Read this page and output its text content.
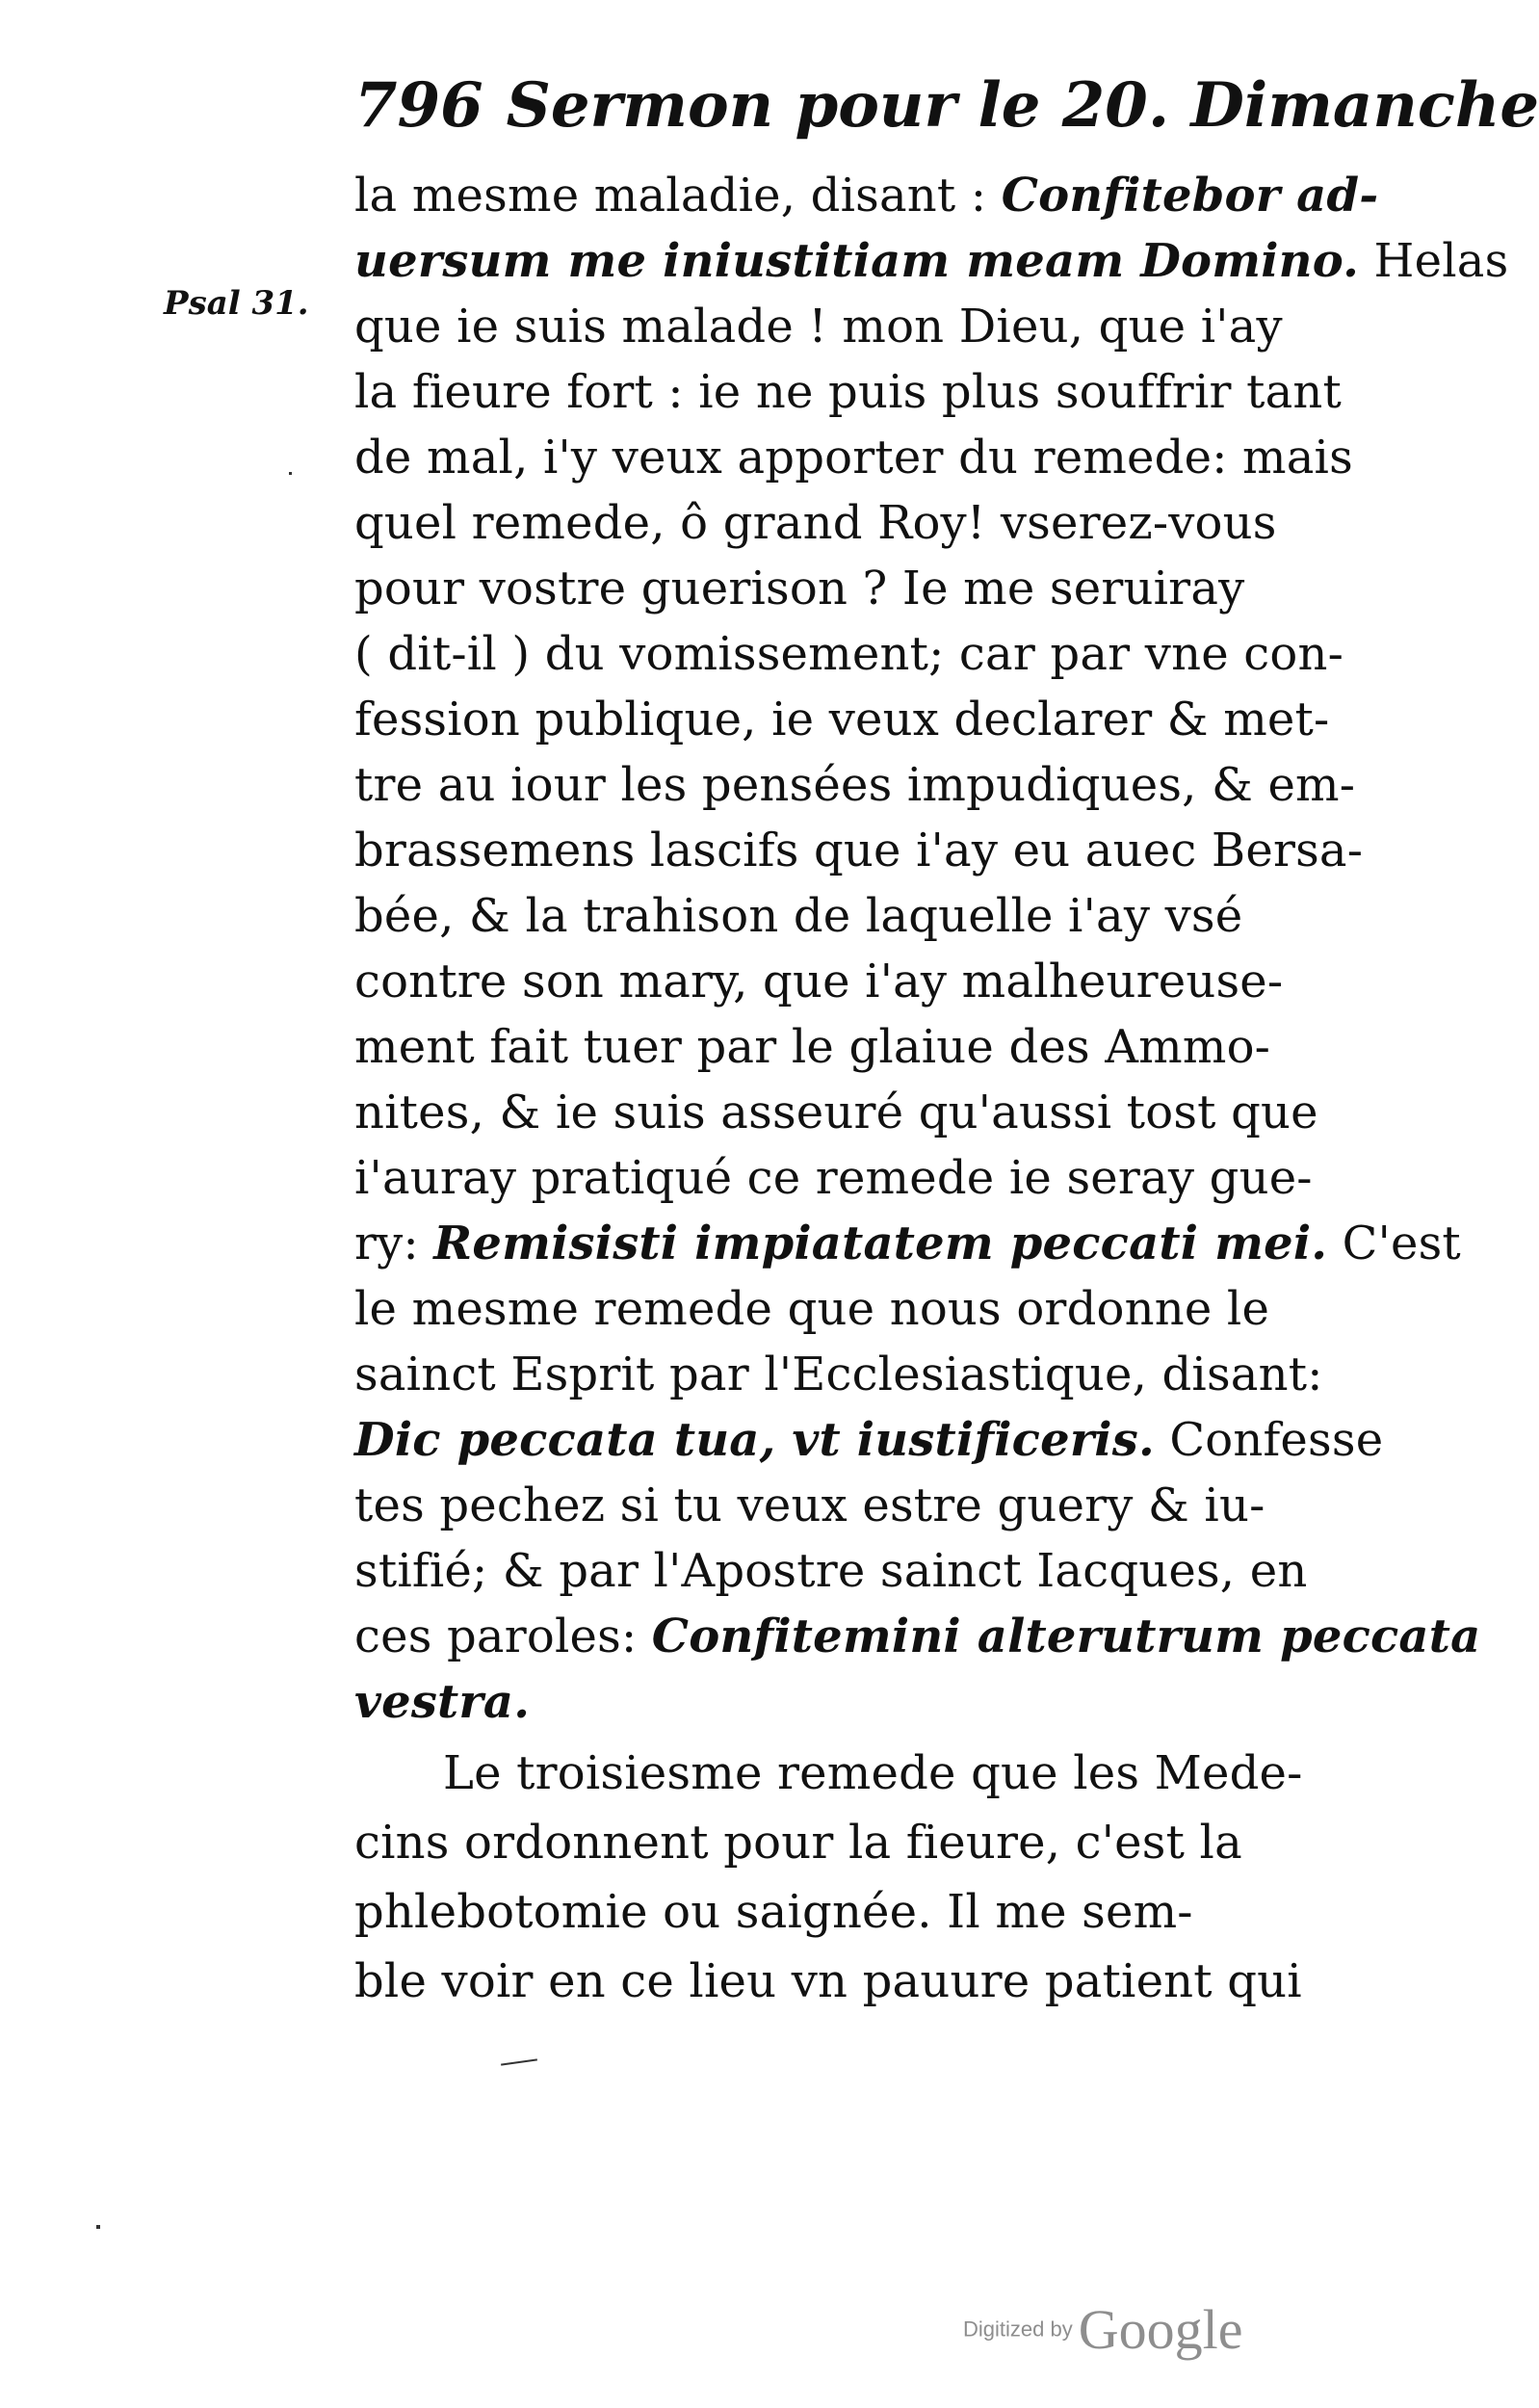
796 Sermon pour le 20. Dimanche
Psal 31.
la mesme maladie, disant : Confitebor ad-
uersum me iniustitiam meam Domino. Helas
que ie suis malade ! mon Dieu, que i'ay
la fieure fort : ie ne puis plus souffrir tant
de mal, i'y veux apporter du remede: mais
quel remede, ô grand Roy! vserez-vous
pour vostre guerison ? Ie me seruiray
( dit-il ) du vomissement; car par vne con-
fession publique, ie veux declarer & met-
tre au iour les pensées impudiques, & em-
brassemens lascifs que i'ay eu auec Bersa-
bée, & la trahison de laquelle i'ay vsé
contre son mary, que i'ay malheureuse-
ment fait tuer par le glaiue des Ammo-
nites, & ie suis asseuré qu'aussi tost que
i'auray pratiqué ce remede ie seray gue-
ry: Remisisti impiatatem peccati mei. C'est
le mesme remede que nous ordonne le
sainct Esprit par l'Ecclesiastique, disant:
Dic peccata tua, vt iustificeris. Confesse
tes pechez si tu veux estre guery & iu-
stifié; & par l'Apostre sainct Iacques, en
ces paroles: Confitemini alterutrum peccata
vestra.
Le troisiesme remede que les Mede-
cins ordonnent pour la fieure, c'est la
phlebotomie ou saignée. Il me sem-
ble voir en ce lieu vn pauure patient qui
Digitized by Google
